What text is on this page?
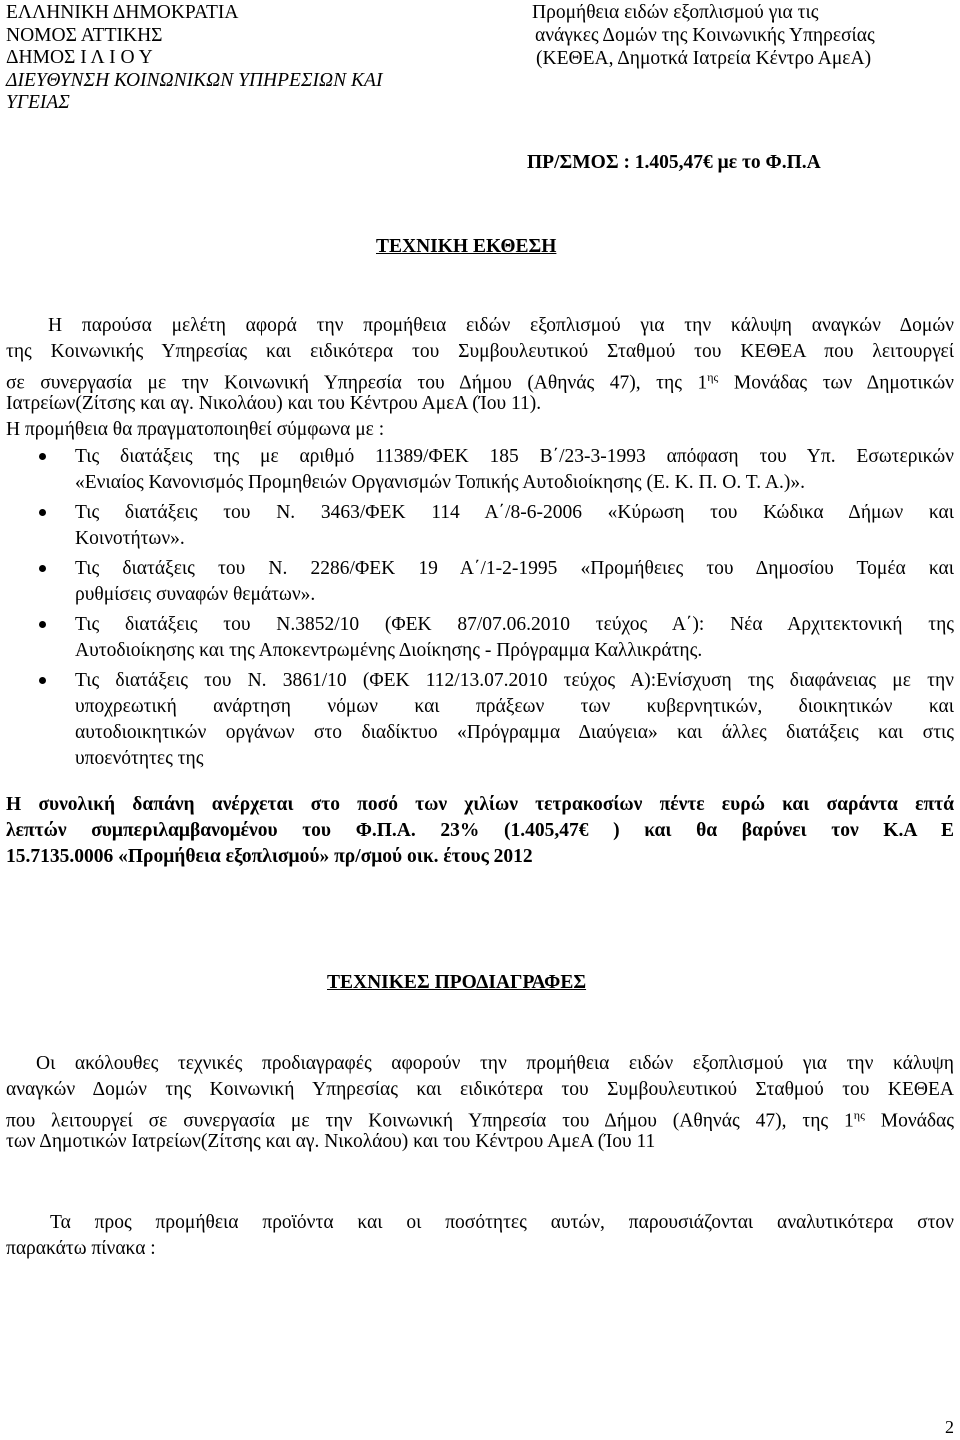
ΕΛΛΗΝΙΚΗ ΔΗΜΟΚΡΑΤΙΑ
ΝΟΜΟΣ ΑΤΤΙΚΗΣ
ΔΗΜΟΣ Ι Λ Ι Ο Υ
ΔΙΕΥΘΥΝΣΗ ΚΟΙΝΩΝΙΚΩΝ ΥΠΗΡΕΣΙΩΝ ΚΑΙ
ΥΓΕΙΑΣ
Προμήθεια ειδών εξοπλισμού για τις
ανάγκες Δομών της Κοινωνικής Υπηρεσίας
(ΚΕΘΕΑ, Δημοτκά Ιατρεία Κέντρο ΑμεΑ)
ΠΡ/ΣΜΟΣ : 1.405,47€ με το Φ.Π.Α
ΤΕΧΝΙΚΗ ΕΚΘΕΣΗ
Η παρούσα μελέτη αφορά την προμήθεια ειδών εξοπλισμού για την κάλυψη αναγκών Δομών
της Κοινωνικής Υπηρεσίας και ειδικότερα του Συμβουλευτικού Σταθμού του ΚΕΘΕΑ που λειτουργεί
σε συνεργασία με την Κοινωνική Υπηρεσία του Δήμου (Αθηνάς 47), της $1^{\eta\varsigma}$ Μονάδας των Δημοτικών
Ιατρείων(Ζίτσης και αγ. Νικολάου) και του Κέντρου ΑμεΑ (Ίου 11).
Η προμήθεια θα πραγματοποιηθεί σύμφωνα με :
Τις διατάξεις της με αριθμό 11389/ΦΕΚ 185 Β΄/23-3-1993 απόφαση του Υπ. Εσωτερικών
«Ενιαίος Κανονισμός Προμηθειών Οργανισμών Τοπικής Αυτοδιοίκησης (Ε. Κ. Π. Ο. Τ. Α.)».
Τις διατάξεις του Ν. 3463/ΦΕΚ 114 Α΄/8-6-2006 «Κύρωση του Κώδικα Δήμων και
Κοινοτήτων».
Τις διατάξεις του Ν. 2286/ΦΕΚ 19 Α΄/1-2-1995 «Προμήθειες του Δημοσίου Τομέα και
ρυθμίσεις συναφών θεμάτων».
Τις διατάξεις του Ν.3852/10 (ΦΕΚ 87/07.06.2010 τεύχος Α΄): Νέα Αρχιτεκτονική της
Αυτοδιοίκησης και της Αποκεντρωμένης Διοίκησης - Πρόγραμμα Καλλικράτης.
Τις διατάξεις του Ν. 3861/10 (ΦΕΚ 112/13.07.2010 τεύχος Α):Ενίσχυση της διαφάνειας με την
υποχρεωτική ανάρτηση νόμων και πράξεων των κυβερνητικών, διοικητικών και
αυτοδιοικητικών οργάνων στο διαδίκτυο «Πρόγραμμα Διαύγεια» και άλλες διατάξεις και στις
υποενότητες της
Η συνολική δαπάνη ανέρχεται στο ποσό των χιλίων τετρακοσίων πέντε ευρώ και σαράντα επτά
λεπτών συμπεριλαμβανομένου του Φ.Π.Α. 23% (1.405,47€ ) και θα βαρύνει τον Κ.Α Ε
15.7135.0006 «Προμήθεια εξοπλισμού» πρ/σμού οικ. έτους 2012
ΤΕΧΝΙΚΕΣ ΠΡΟΔΙΑΓΡΑΦΕΣ
Οι ακόλουθες τεχνικές προδιαγραφές αφορούν την προμήθεια ειδών εξοπλισμού για την κάλυψη
αναγκών Δομών της Κοινωνική Υπηρεσίας και ειδικότερα του Συμβουλευτικού Σταθμού του ΚΕΘΕΑ
που λειτουργεί σε συνεργασία με την Κοινωνική Υπηρεσία του Δήμου (Αθηνάς 47), της $1^{\eta\varsigma}$ Μονάδας
των Δημοτικών Ιατρείων(Ζίτσης και αγ. Νικολάου) και του Κέντρου ΑμεΑ (Ίου 11
Τα προς προμήθεια προϊόντα και οι ποσότητες αυτών, παρουσιάζονται αναλυτικότερα στον
παρακάτω πίνακα :
2
